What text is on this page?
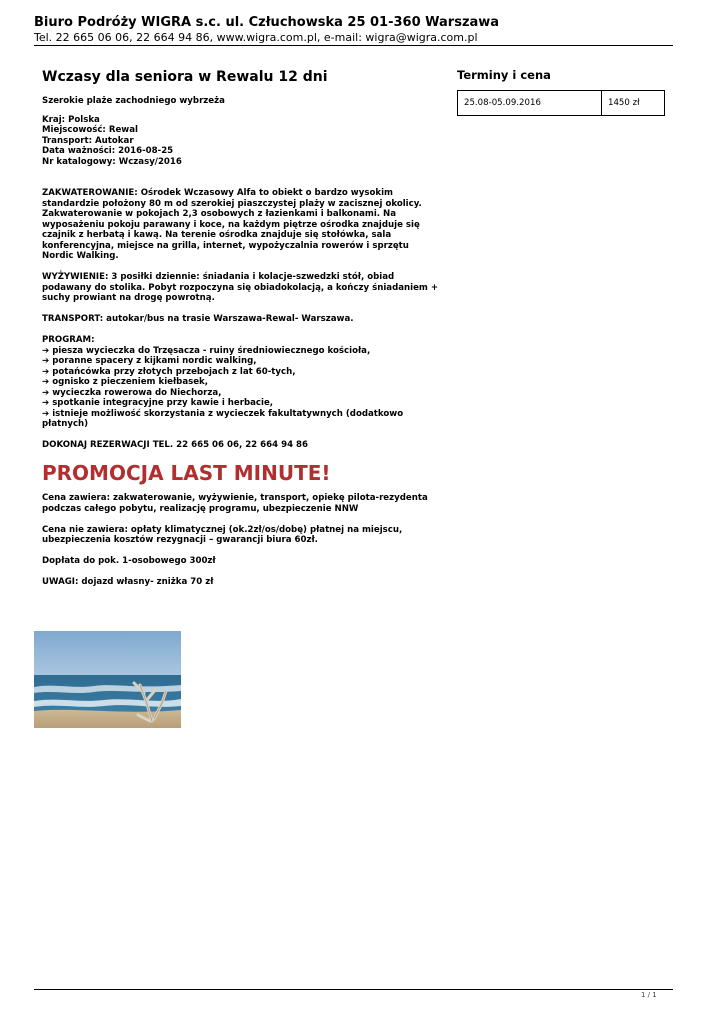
Biuro Podróży WIGRA s.c. ul. Człuchowska 25 01-360 Warszawa
Tel. 22 665 06 06, 22 664 94 86, www.wigra.com.pl, e-mail: wigra@wigra.com.pl
Wczasy dla seniora w Rewalu 12 dni

Szerokie plaże zachodniego wybrzeża

Kraj: Polska
Miejscowość: Rewal
Transport: Autokar
Data ważności: 2016-08-25
Nr katalogowy: Wczasy/2016

ZAKWATEROWANIE: Ośrodek Wczasowy Alfa to obiekt o bardzo wysokim standardzie położony 80 m od szerokiej piaszczystej plaży w zacisznej okolicy. Zakwaterowanie w pokojach 2,3 osobowych z łazienkami i balkonami. Na wyposażeniu pokoju parawany i koce, na każdym piętrze ośrodka znajduje się czajnik z herbatą i kawą. Na terenie ośrodka znajduje się stołówka, sala konferencyjna, miejsce na grilla, internet, wypożyczalnia rowerów i sprzętu Nordic Walking.

WYŻYWIENIE: 3 posiłki dziennie: śniadania i kolacje-szwedzki stół, obiad podawany do stolika. Pobyt rozpoczyna się obiadokolacją, a kończy śniadaniem + suchy prowiant na drogę powrotną.

TRANSPORT: autokar/bus na trasie Warszawa-Rewal- Warszawa.

PROGRAM:
➔ piesza wycieczka do Trzęsacza - ruiny średniowiecznego kościoła,
➔ poranne spacery z kijkami nordic walking,
➔ potańcówka przy złotych przebojach z lat 60-tych,
➔ ognisko z pieczeniem kiełbasek,
➔ wycieczka rowerowa do Niechorza,
➔ spotkanie integracyjne przy kawie i herbacie,
➔ istnieje możliwość skorzystania z wycieczek fakultatywnych (dodatkowo płatnych)

DOKONAJ REZERWACJI TEL. 22 665 06 06, 22 664 94 86

PROMOCJA LAST MINUTE!

Cena zawiera: zakwaterowanie, wyżywienie, transport, opiekę pilota-rezydenta podczas całego pobytu, realizację programu, ubezpieczenie NNW

Cena nie zawiera: opłaty klimatycznej (ok.2zł/os/dobę) płatnej na miejscu, ubezpieczenia kosztów rezygnacji – gwarancji biura 60zł.

Dopłata do pok. 1-osobowego 300zł

UWAGI: dojazd własny- zniżka 70 zł

Terminy i cena
25.08-05.09.2016	1450 zł
1 / 1
